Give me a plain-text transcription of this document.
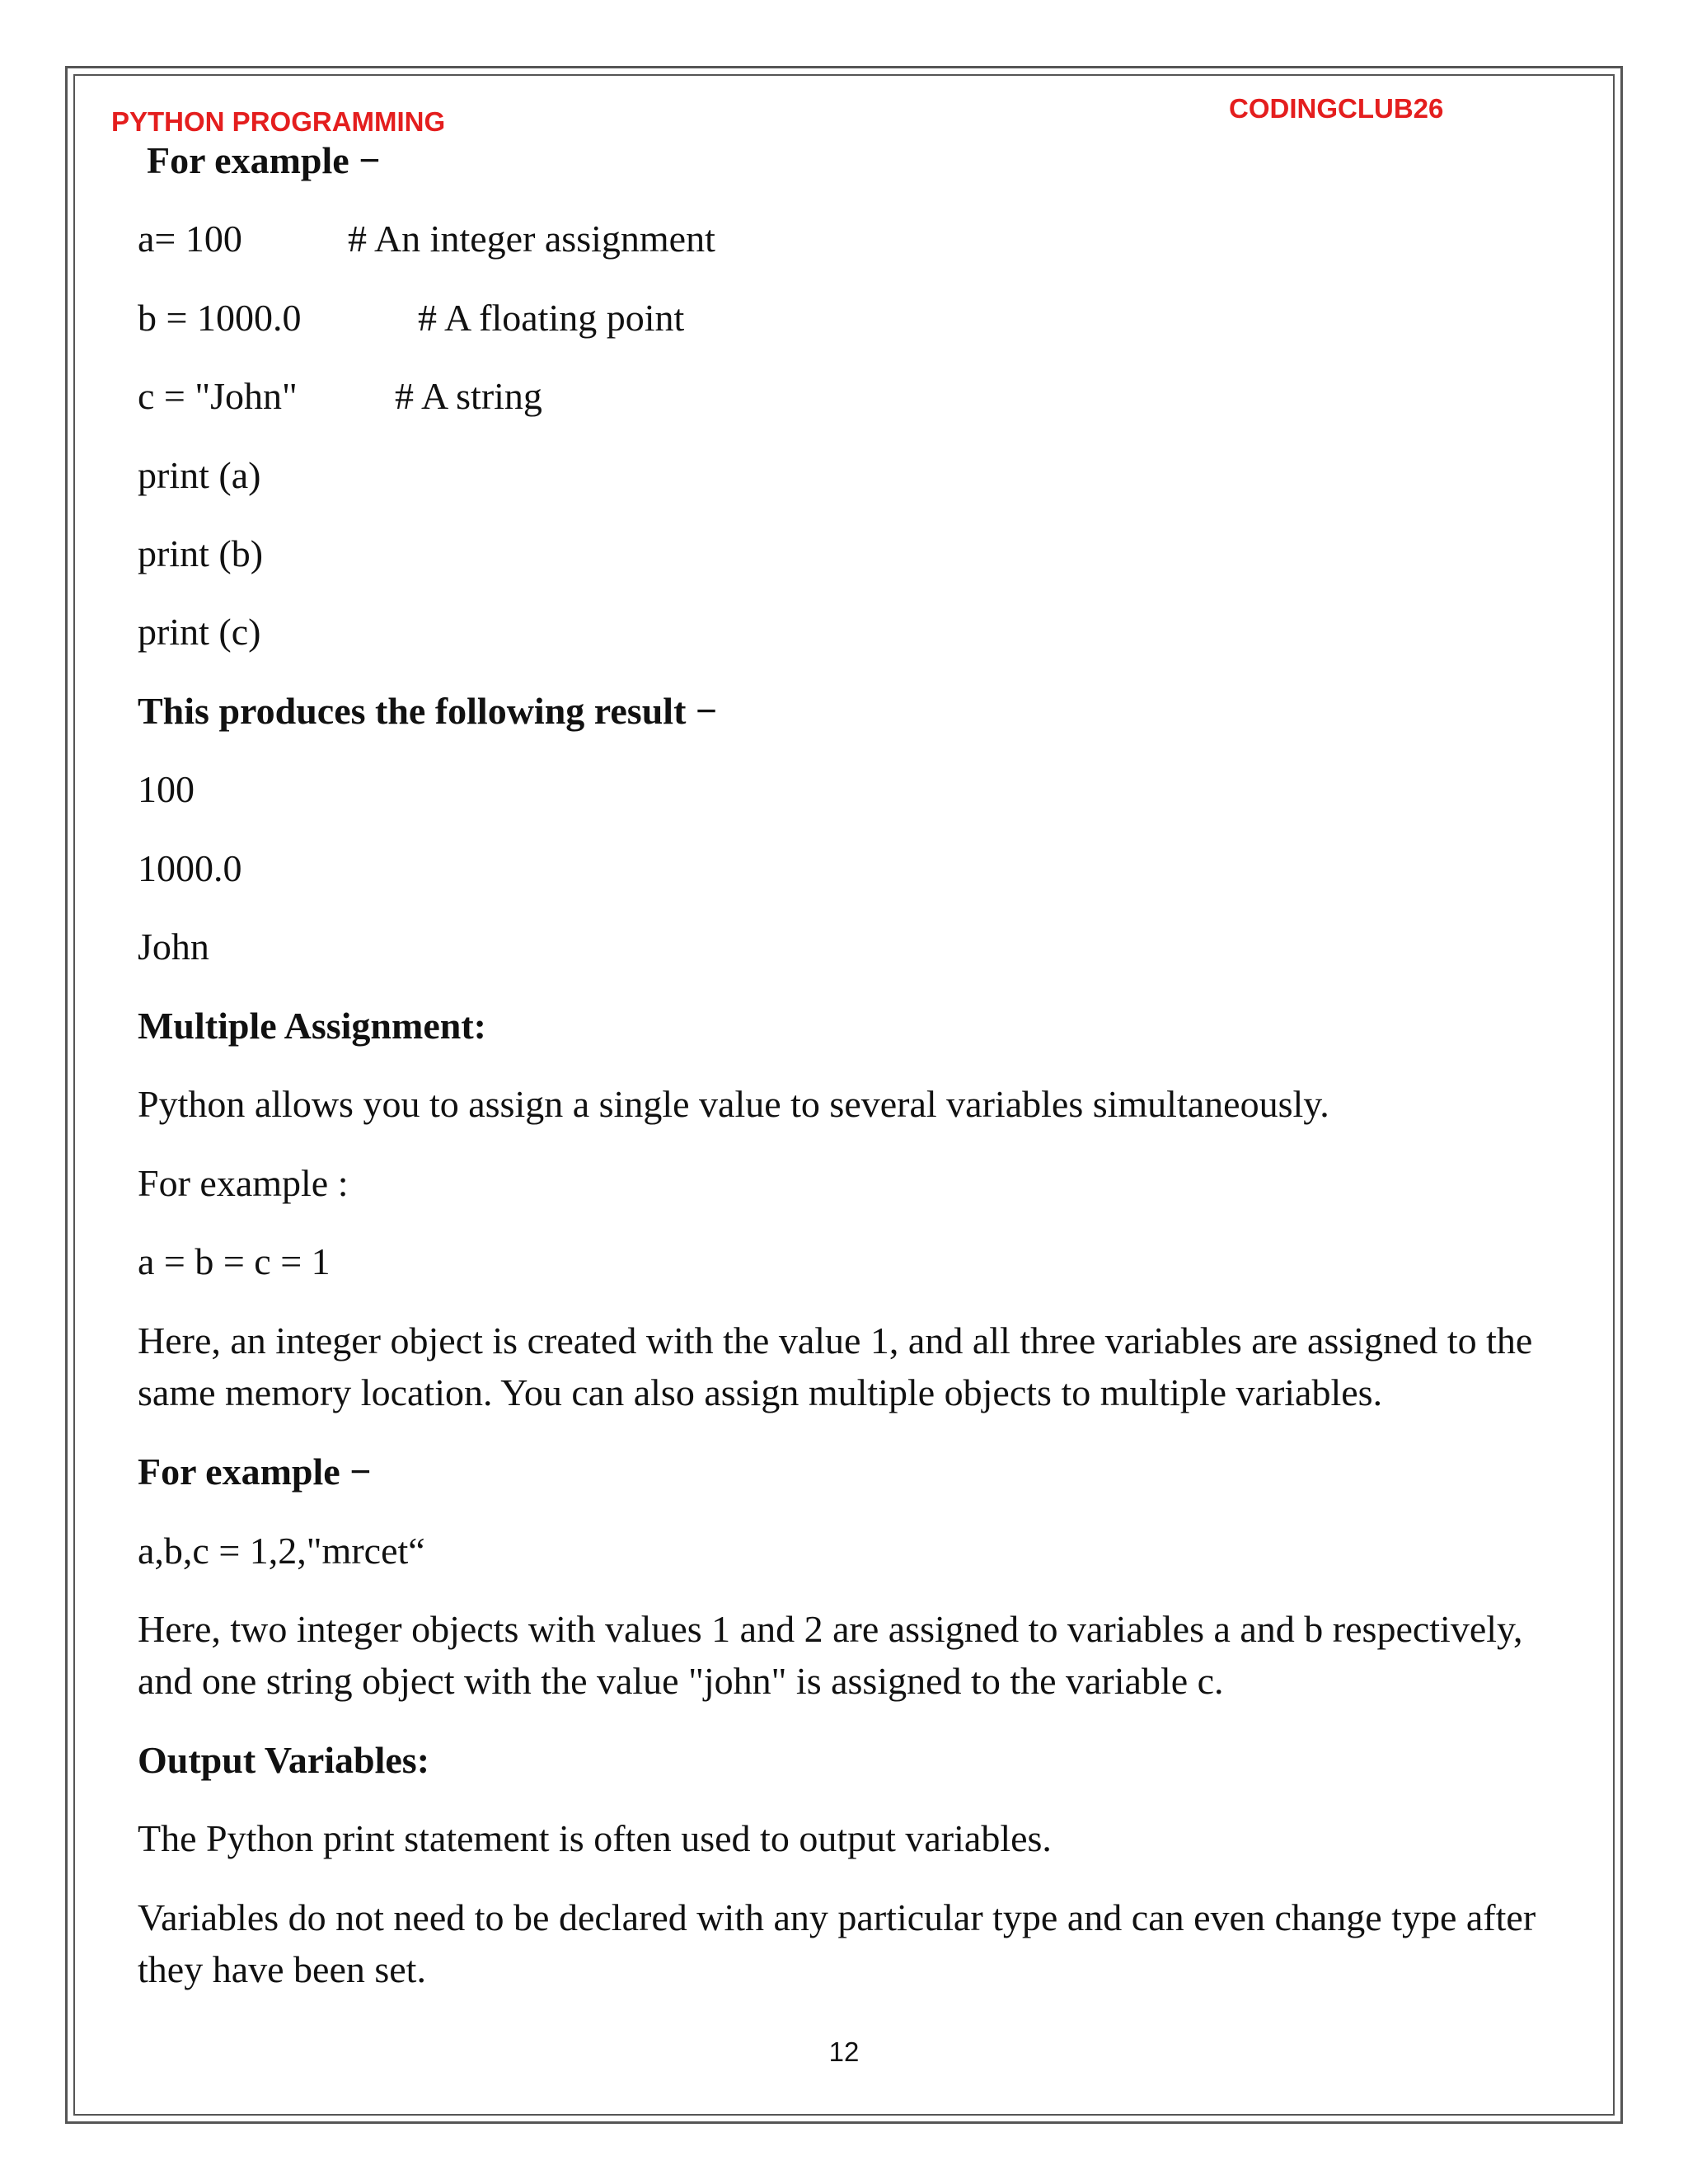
PYTHON PROGRAMMING	CODINGCLUB26
For example −
a= 100	# An integer assignment
b = 1000.0	# A floating point
c = "John"	# A string
print (a)
print (b)
print (c)
This produces the following result −
100
1000.0
John
Multiple Assignment:
Python allows you to assign a single value to several variables simultaneously.
For example :
a = b = c = 1
Here, an integer object is created with the value 1, and all three variables are assigned to the
same memory location. You can also assign multiple objects to multiple variables.
For example −
a,b,c = 1,2,"mrcet“
Here, two integer objects with values 1 and 2 are assigned to variables a and b respectively,
and one string object with the value "john" is assigned to the variable c.
Output Variables:
The Python print statement is often used to output variables.
Variables do not need to be declared with any particular type and can even change type after
they have been set.
12
